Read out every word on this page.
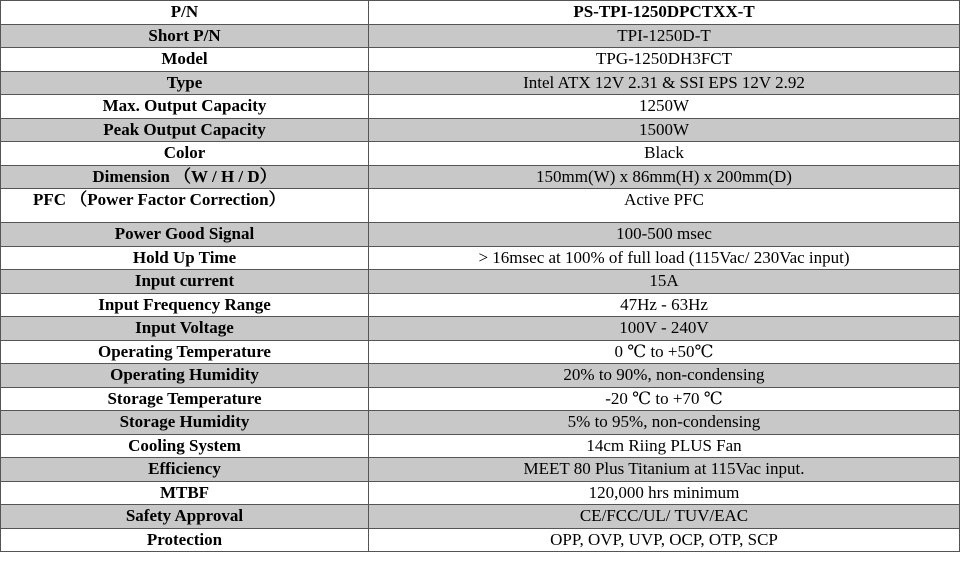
P/N	PS-TPI-1250DPCTXX-T
Short P/N	TPI-1250D-T
Model	TPG-1250DH3FCT
Type	Intel ATX 12V 2.31 & SSI EPS 12V 2.92
Max. Output Capacity	1250W
Peak Output Capacity	1500W
Color	Black
Dimension （W / H / D）	150mm(W) x 86mm(H) x 200mm(D)
PFC （Power Factor Correction）	Active PFC
Power Good Signal	100-500 msec
Hold Up Time	> 16msec at 100% of full load (115Vac/ 230Vac input)
Input current	15A
Input Frequency Range	47Hz - 63Hz
Input Voltage	100V - 240V
Operating Temperature	0 ℃ to +50℃
Operating Humidity	20% to 90%, non-condensing
Storage Temperature	-20 ℃ to +70 ℃
Storage Humidity	5% to 95%, non-condensing
Cooling System	14cm Riing PLUS Fan
Efficiency	MEET 80 Plus Titanium at 115Vac input.
MTBF	120,000 hrs minimum
Safety Approval	CE/FCC/UL/ TUV/EAC
Protection	OPP, OVP, UVP, OCP, OTP, SCP
